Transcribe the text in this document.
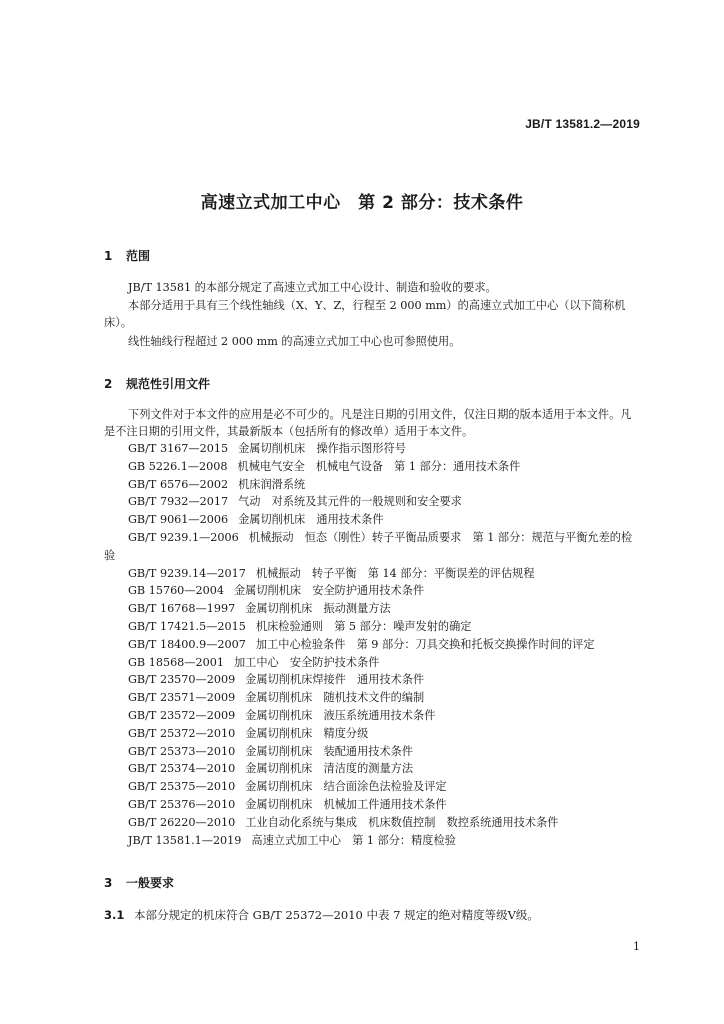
JB/T 13581.2—2019
高速立式加工中心　第 2 部分：技术条件
1 范围
JB/T 13581 的本部分规定了高速立式加工中心设计、制造和验收的要求。
本部分适用于具有三个线性轴线（X、Y、Z，行程至 2 000 mm）的高速立式加工中心（以下简称机床）。
线性轴线行程超过 2 000 mm 的高速立式加工中心也可参照使用。
2 规范性引用文件
下列文件对于本文件的应用是必不可少的。凡是注日期的引用文件，仅注日期的版本适用于本文件。凡是不注日期的引用文件，其最新版本（包括所有的修改单）适用于本文件。
GB/T 3167—2015 金属切削机床　操作指示图形符号
GB 5226.1—2008 机械电气安全　机械电气设备　第 1 部分：通用技术条件
GB/T 6576—2002 机床润滑系统
GB/T 7932—2017 气动　对系统及其元件的一般规则和安全要求
GB/T 9061—2006 金属切削机床　通用技术条件
GB/T 9239.1—2006 机械振动　恒态（刚性）转子平衡品质要求　第 1 部分：规范与平衡允差的检验
GB/T 9239.14—2017 机械振动　转子平衡　第 14 部分：平衡误差的评估规程
GB 15760—2004 金属切削机床　安全防护通用技术条件
GB/T 16768—1997 金属切削机床　振动测量方法
GB/T 17421.5—2015 机床检验通则　第 5 部分：噪声发射的确定
GB/T 18400.9—2007 加工中心检验条件　第 9 部分：刀具交换和托板交换操作时间的评定
GB 18568—2001 加工中心　安全防护技术条件
GB/T 23570—2009 金属切削机床焊接件　通用技术条件
GB/T 23571—2009 金属切削机床　随机技术文件的编制
GB/T 23572—2009 金属切削机床　液压系统通用技术条件
GB/T 25372—2010 金属切削机床　精度分级
GB/T 25373—2010 金属切削机床　装配通用技术条件
GB/T 25374—2010 金属切削机床　清洁度的测量方法
GB/T 25375—2010 金属切削机床　结合面涂色法检验及评定
GB/T 25376—2010 金属切削机床　机械加工件通用技术条件
GB/T 26220—2010 工业自动化系统与集成　机床数值控制　数控系统通用技术条件
JB/T 13581.1—2019 高速立式加工中心　第 1 部分：精度检验
3 一般要求
3.1 本部分规定的机床符合 GB/T 25372—2010 中表 7 规定的绝对精度等级Ⅴ级。
1
